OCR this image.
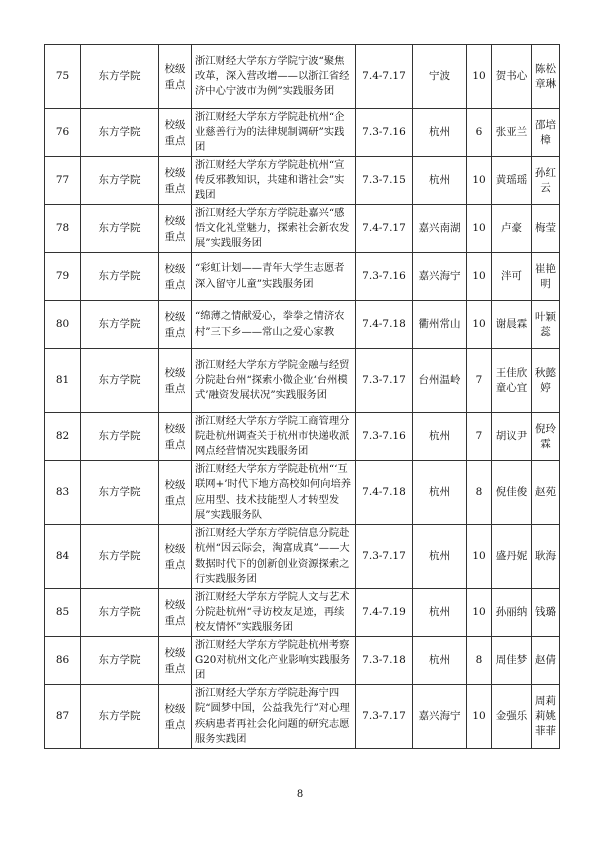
75	东方学院	校级重点	浙江财经大学东方学院宁波“聚焦改革，深入营改增——以浙江省经济中心宁波市为例”实践服务团	7.4-7.17	宁波	10	贺书心	陈松章琳
76	东方学院	校级重点	浙江财经大学东方学院赴杭州“企业慈善行为的法律规制调研”实践团	7.3-7.16	杭州	6	张亚兰	邵培樟
77	东方学院	校级重点	浙江财经大学东方学院赴杭州“宣传反邪教知识，共建和谐社会”实践团	7.3-7.15	杭州	10	黄瑶瑶	孙红云
78	东方学院	校级重点	浙江财经大学东方学院赴嘉兴“感悟文化礼堂魅力，探索社会新农发展”实践服务团	7.4-7.17	嘉兴南湖	10	卢豪	梅莹
79	东方学院	校级重点	“彩虹计划——青年大学生志愿者深入留守儿童”实践服务团	7.3-7.16	嘉兴海宁	10	泮可	崔艳明
80	东方学院	校级重点	“绵薄之情献爱心，拳拳之情济农村”三下乡——常山之爱心家教	7.4-7.18	衢州常山	10	谢晨霖	叶颖蕊
81	东方学院	校级重点	浙江财经大学东方学院金融与经贸分院赴台州“探索小微企业‘台州模式’融资发展状况”实践服务团	7.3-7.17	台州温岭	7	王佳欣童心宜	秋懿婷
82	东方学院	校级重点	浙江财经大学东方学院工商管理分院赴杭州调查关于杭州市快递收派网点经营情况实践服务团	7.3-7.16	杭州	7	胡议尹	倪玲霖
83	东方学院	校级重点	浙江财经大学东方学院赴杭州“‘互联网+’时代下地方高校如何向培养应用型、技术技能型人才转型发展”实践服务队	7.4-7.18	杭州	8	倪佳俊	赵苑
84	东方学院	校级重点	浙江财经大学东方学院信息分院赴杭州“因云际会，淘富成真”——大数据时代下的创新创业资源探索之行实践服务团	7.3-7.17	杭州	10	盛丹妮	耿海
85	东方学院	校级重点	浙江财经大学东方学院人文与艺术分院赴杭州“寻访校友足迹，再续校友情怀”实践服务团	7.4-7.19	杭州	10	孙丽纳	钱璐
86	东方学院	校级重点	浙江财经大学东方学院赴杭州考察G20对杭州文化产业影响实践服务团	7.3-7.18	杭州	8	周佳梦	赵倩
87	东方学院	校级重点	浙江财经大学东方学院赴海宁四院“圆梦中国，公益我先行”对心理疾病患者再社会化问题的研究志愿服务实践团	7.3-7.17	嘉兴海宁	10	金强乐	周莉莉姚菲菲
8
